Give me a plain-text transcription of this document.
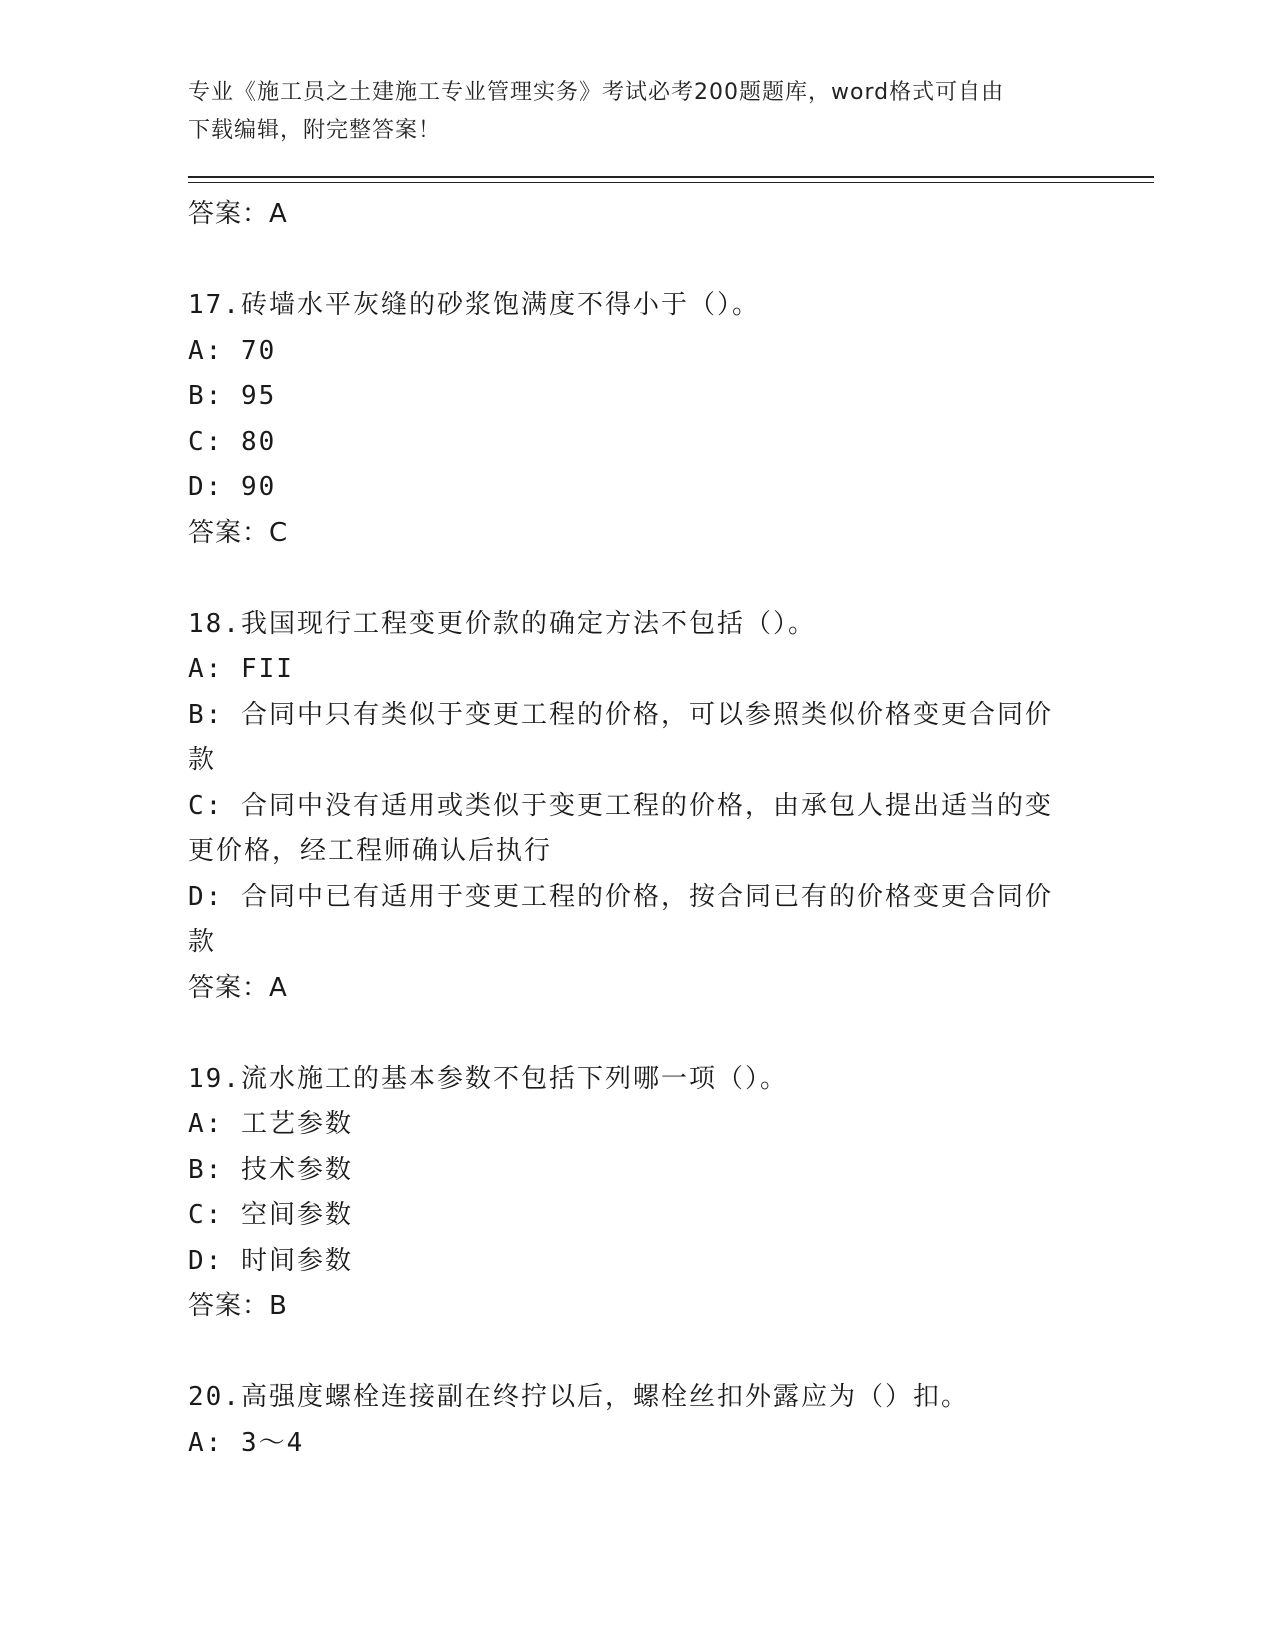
专业《施工员之土建施工专业管理实务》考试必考200题题库，word格式可自由
下载编辑，附完整答案！
答案：A
17.砖墙水平灰缝的砂浆饱满度不得小于（）。
A: 70
B: 95
C: 80
D: 90
答案：C
18.我国现行工程变更价款的确定方法不包括（）。
A: FII
B: 合同中只有类似于变更工程的价格，可以参照类似价格变更合同价
款
C: 合同中没有适用或类似于变更工程的价格，由承包人提出适当的变
更价格，经工程师确认后执行
D: 合同中已有适用于变更工程的价格，按合同已有的价格变更合同价
款
答案：A
19.流水施工的基本参数不包括下列哪一项（）。
A: 工艺参数
B: 技术参数
C: 空间参数
D: 时间参数
答案：B
20.高强度螺栓连接副在终拧以后，螺栓丝扣外露应为（）扣。
A: 3～4
